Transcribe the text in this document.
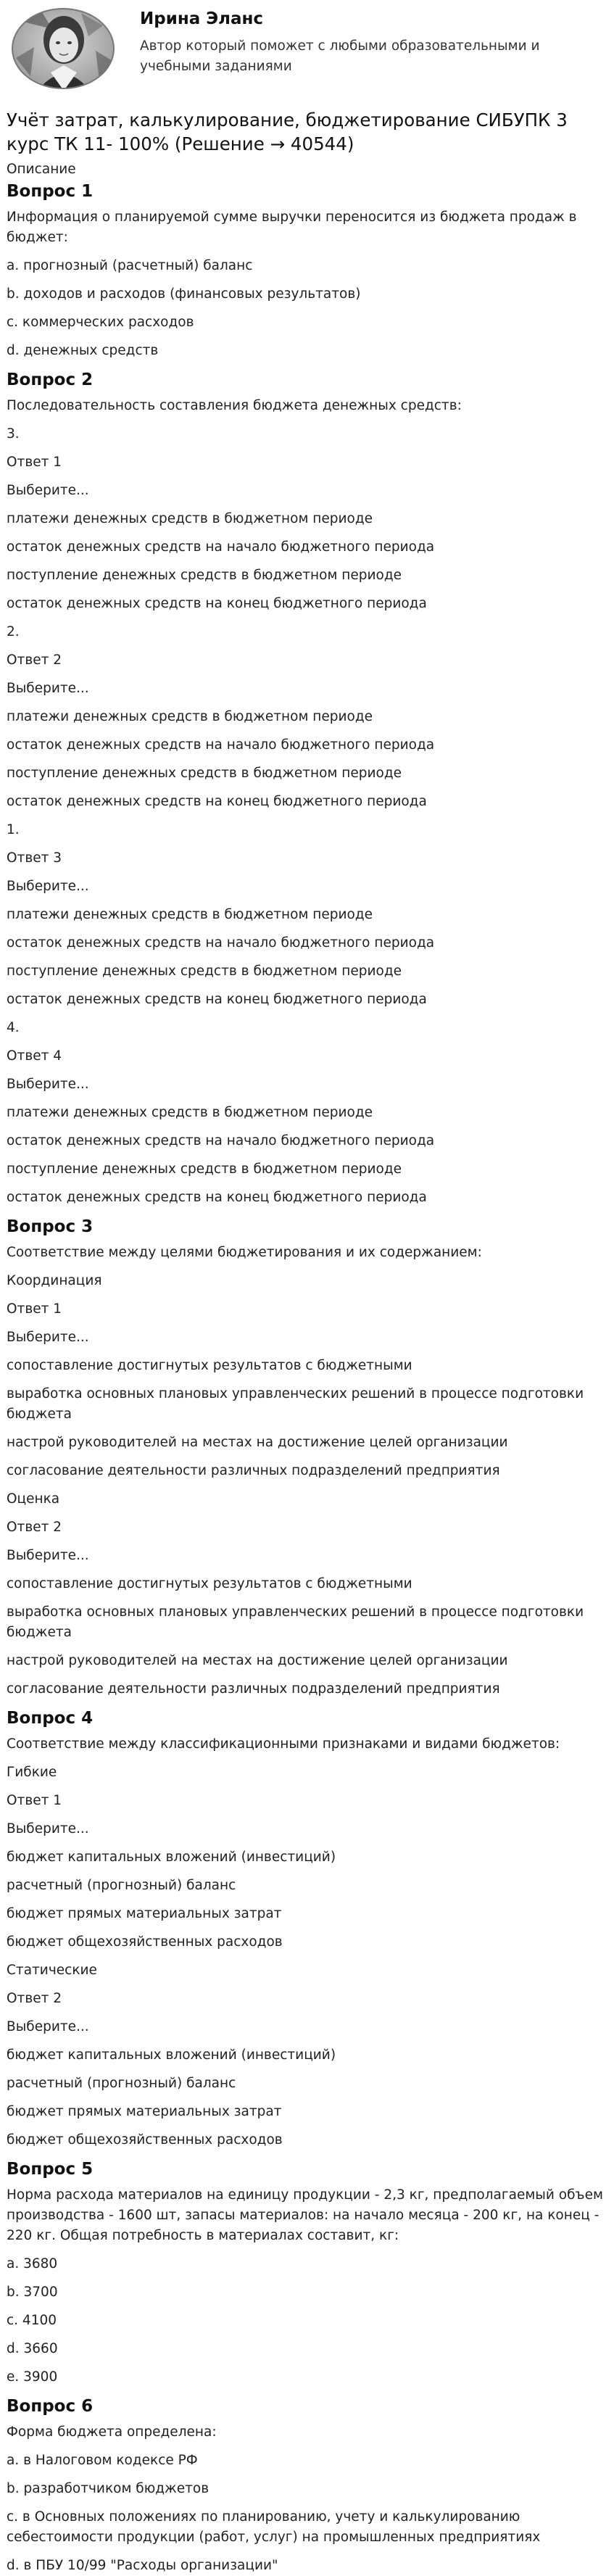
Ирина Эланс
Автор который поможет с любыми образовательными и учебными заданиями
Учёт затрат, калькулирование, бюджетирование СИБУПК 3 курс ТК 11- 100% (Решение → 40544)
Описание
Вопрос 1
Информация о планируемой сумме выручки переносится из бюджета продаж в бюджет:
a. прогнозный (расчетный) баланс
b. доходов и расходов (финансовых результатов)
c. коммерческих расходов
d. денежных средств
Вопрос 2
Последовательность составления бюджета денежных средств:
3.
Ответ 1
Выберите...
платежи денежных средств в бюджетном периоде
остаток денежных средств на начало бюджетного периода
поступление денежных средств в бюджетном периоде
остаток денежных средств на конец бюджетного периода
2.
Ответ 2
Выберите...
платежи денежных средств в бюджетном периоде
остаток денежных средств на начало бюджетного периода
поступление денежных средств в бюджетном периоде
остаток денежных средств на конец бюджетного периода
1.
Ответ 3
Выберите...
платежи денежных средств в бюджетном периоде
остаток денежных средств на начало бюджетного периода
поступление денежных средств в бюджетном периоде
остаток денежных средств на конец бюджетного периода
4.
Ответ 4
Выберите...
платежи денежных средств в бюджетном периоде
остаток денежных средств на начало бюджетного периода
поступление денежных средств в бюджетном периоде
остаток денежных средств на конец бюджетного периода
Вопрос 3
Соответствие между целями бюджетирования и их содержанием:
Координация
Ответ 1
Выберите...
сопоставление достигнутых результатов с бюджетными
выработка основных плановых управленческих решений в процессе подготовки бюджета
настрой руководителей на местах на достижение целей организации
согласование деятельности различных подразделений предприятия
Оценка
Ответ 2
Выберите...
сопоставление достигнутых результатов с бюджетными
выработка основных плановых управленческих решений в процессе подготовки бюджета
настрой руководителей на местах на достижение целей организации
согласование деятельности различных подразделений предприятия
Вопрос 4
Соответствие между классификационными признаками и видами бюджетов:
Гибкие
Ответ 1
Выберите...
бюджет капитальных вложений (инвестиций)
расчетный (прогнозный) баланс
бюджет прямых материальных затрат
бюджет общехозяйственных расходов
Статические
Ответ 2
Выберите...
бюджет капитальных вложений (инвестиций)
расчетный (прогнозный) баланс
бюджет прямых материальных затрат
бюджет общехозяйственных расходов
Вопрос 5
Норма расхода материалов на единицу продукции - 2,3 кг, предполагаемый объем производства - 1600 шт, запасы материалов: на начало месяца - 200 кг, на конец - 220 кг. Общая потребность в материалах составит, кг:
a. 3680
b. 3700
c. 4100
d. 3660
e. 3900
Вопрос 6
Форма бюджета определена:
a. в Налоговом кодексе РФ
b. разработчиком бюджетов
c. в Основных положениях по планированию, учету и калькулированию себестоимости продукции (работ, услуг) на промышленных предприятиях
d. в ПБУ 10/99 "Расходы организации"
